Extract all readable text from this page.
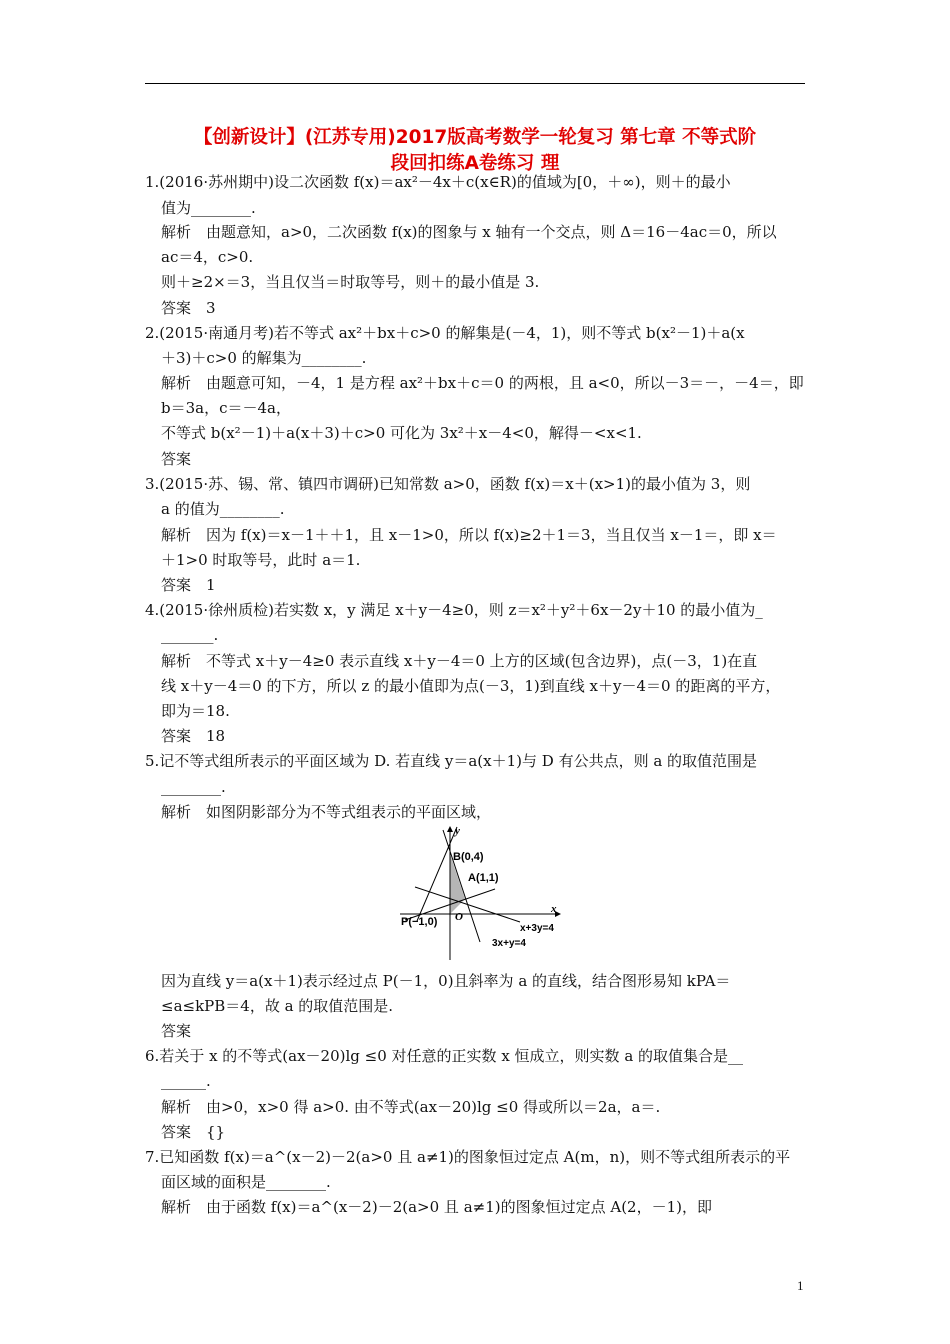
【创新设计】(江苏专用)2017版高考数学一轮复习 第七章 不等式阶
段回扣练A卷练习 理
1.(2016·苏州期中)设二次函数 f(x)＝ax²－4x＋c(x∈R)的值域为[0，＋∞)，则＋的最小
值为________.
解析　由题意知，a>0，二次函数 f(x)的图象与 x 轴有一个交点，则 Δ＝16－4ac＝0，所以
ac＝4，c>0.
则＋≥2×＝3，当且仅当＝时取等号，则＋的最小值是 3.
答案　3
2.(2015·南通月考)若不等式 ax²＋bx＋c>0 的解集是(－4，1)，则不等式 b(x²－1)＋a(x
＋3)＋c>0 的解集为________.
解析　由题意可知，－4，1 是方程 ax²＋bx＋c＝0 的两根，且 a<0，所以－3＝－，－4＝，即
b＝3a，c＝－4a，
不等式 b(x²－1)＋a(x＋3)＋c>0 可化为 3x²＋x－4<0，解得－<x<1.
答案
3.(2015·苏、锡、常、镇四市调研)已知常数 a>0，函数 f(x)＝x＋(x>1)的最小值为 3，则
a 的值为________.
解析　因为 f(x)＝x－1＋＋1，且 x－1>0，所以 f(x)≥2＋1＝3，当且仅当 x－1＝，即 x＝
＋1>0 时取等号，此时 a＝1.
答案　1
4.(2015·徐州质检)若实数 x，y 满足 x＋y－4≥0，则 z＝x²＋y²＋6x－2y＋10 的最小值为_
_______.
解析　不等式 x＋y－4≥0 表示直线 x＋y－4＝0 上方的区域(包含边界)，点(－3，1)在直
线 x＋y－4＝0 的下方，所以 z 的最小值即为点(－3，1)到直线 x＋y－4＝0 的距离的平方，
即为＝18.
答案　18
5.记不等式组所表示的平面区域为 D. 若直线 y＝a(x＋1)与 D 有公共点，则 a 的取值范围是
________.
解析　如图阴影部分为不等式组表示的平面区域，
y
x
B(0,4)
A(1,1)
P(−1,0) O
x+3y=4
3x+y=4
因为直线 y＝a(x＋1)表示经过点 P(－1，0)且斜率为 a 的直线，结合图形易知 kPA＝
≤a≤kPB＝4，故 a 的取值范围是.
答案
6.若关于 x 的不等式(ax－20)lg ≤0 对任意的正实数 x 恒成立，则实数 a 的取值集合是__
______.
解析　由>0，x>0 得 a>0. 由不等式(ax－20)lg ≤0 得或所以＝2a，a＝.
答案　{}
7.已知函数 f(x)＝a^(x－2)－2(a>0 且 a≠1)的图象恒过定点 A(m，n)，则不等式组所表示的平
面区域的面积是________.
解析　由于函数 f(x)＝a^(x－2)－2(a>0 且 a≠1)的图象恒过定点 A(2，－1)，即
1
